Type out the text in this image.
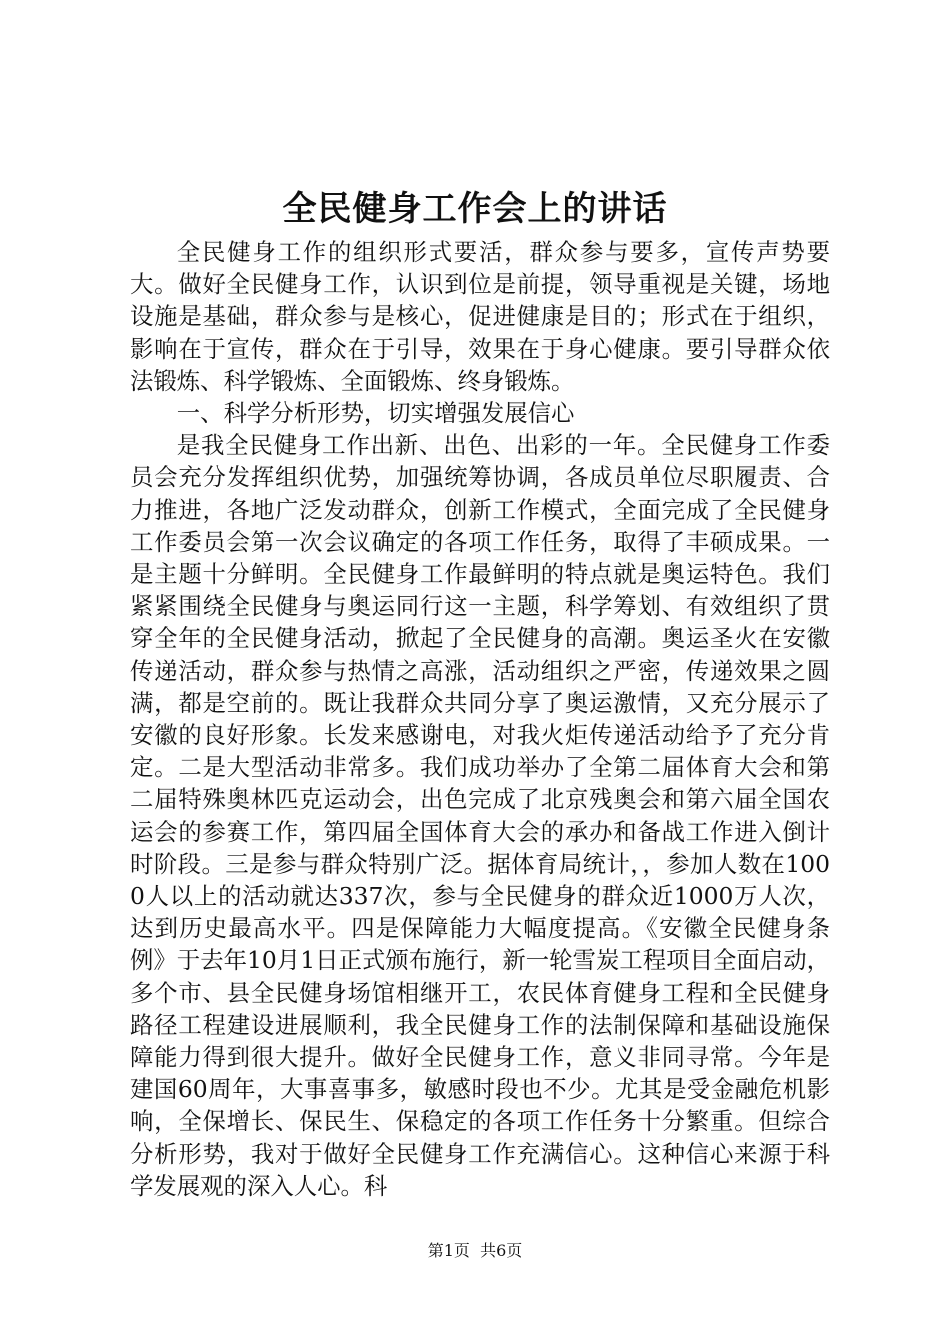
全民健身工作会上的讲话

全民健身工作的组织形式要活，群众参与要多，宣传声势要大。做好全民健身工作，认识到位是前提，领导重视是关键，场地设施是基础，群众参与是核心，促进健康是目的；形式在于组织，影响在于宣传，群众在于引导，效果在于身心健康。要引导群众依法锻炼、科学锻炼、全面锻炼、终身锻炼。

一、科学分析形势，切实增强发展信心

是我全民健身工作出新、出色、出彩的一年。全民健身工作委员会充分发挥组织优势，加强统筹协调，各成员单位尽职履责、合力推进，各地广泛发动群众，创新工作模式，全面完成了全民健身工作委员会第一次会议确定的各项工作任务，取得了丰硕成果。一是主题十分鲜明。全民健身工作最鲜明的特点就是奥运特色。我们紧紧围绕全民健身与奥运同行这一主题，科学筹划、有效组织了贯穿全年的全民健身活动，掀起了全民健身的高潮。奥运圣火在安徽传递活动，群众参与热情之高涨，活动组织之严密，传递效果之圆满，都是空前的。既让我群众共同分享了奥运激情，又充分展示了安徽的良好形象。长发来感谢电，对我火炬传递活动给予了充分肯定。二是大型活动非常多。我们成功举办了全第二届体育大会和第二届特殊奥林匹克运动会，出色完成了北京残奥会和第六届全国农运会的参赛工作，第四届全国体育大会的承办和备战工作进入倒计时阶段。三是参与群众特别广泛。据体育局统计，，参加人数在1000人以上的活动就达337次，参与全民健身的群众近1000万人次，达到历史最高水平。四是保障能力大幅度提高。《安徽全民健身条例》于去年10月1日正式颁布施行，新一轮雪炭工程项目全面启动，多个市、县全民健身场馆相继开工，农民体育健身工程和全民健身路径工程建设进展顺利，我全民健身工作的法制保障和基础设施保障能力得到很大提升。做好全民健身工作，意义非同寻常。今年是建国60周年，大事喜事多，敏感时段也不少。尤其是受金融危机影响，全保增长、保民生、保稳定的各项工作任务十分繁重。但综合分析形势，我对于做好全民健身工作充满信心。这种信心来源于科学发展观的深入人心。科

第1页 共6页
